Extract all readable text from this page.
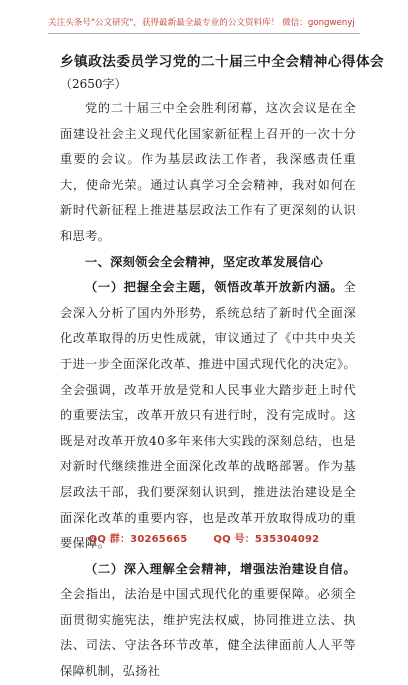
关注头条号"公文研究"，获得最新最全最专业的公文资料库！ 微信：gongwenyj

乡镇政法委员学习党的二十届三中全会精神心得体会

（2650字）

党的二十届三中全会胜利闭幕，这次会议是在全面建设社会主义现代化国家新征程上召开的一次十分重要的会议。作为基层政法工作者，我深感责任重大，使命光荣。通过认真学习全会精神，我对如何在新时代新征程上推进基层政法工作有了更深刻的认识和思考。

一、深刻领会全会精神，坚定改革发展信心

（一）把握全会主题，领悟改革开放新内涵。全会深入分析了国内外形势，系统总结了新时代全面深化改革取得的历史性成就，审议通过了《中共中央关于进一步全面深化改革、推进中国式现代化的决定》。全会强调，改革开放是党和人民事业大踏步赶上时代的重要法宝，改革开放只有进行时，没有完成时。这既是对改革开放40多年来伟大实践的深刻总结，也是对新时代继续推进全面深化改革的战略部署。作为基层政法干部，我们要深刻认识到，推进法治建设是全面深化改革的重要内容，也是改革开放取得成功的重要保障。

（二）深入理解全会精神，增强法治建设自信。全会指出，法治是中国式现代化的重要保障。必须全面贯彻实施宪法，维护宪法权威，协同推进立法、执法、司法、守法各环节改革，健全法律面前人人平等保障机制，弘扬社

QQ 群：30265665	QQ 号：535304092
